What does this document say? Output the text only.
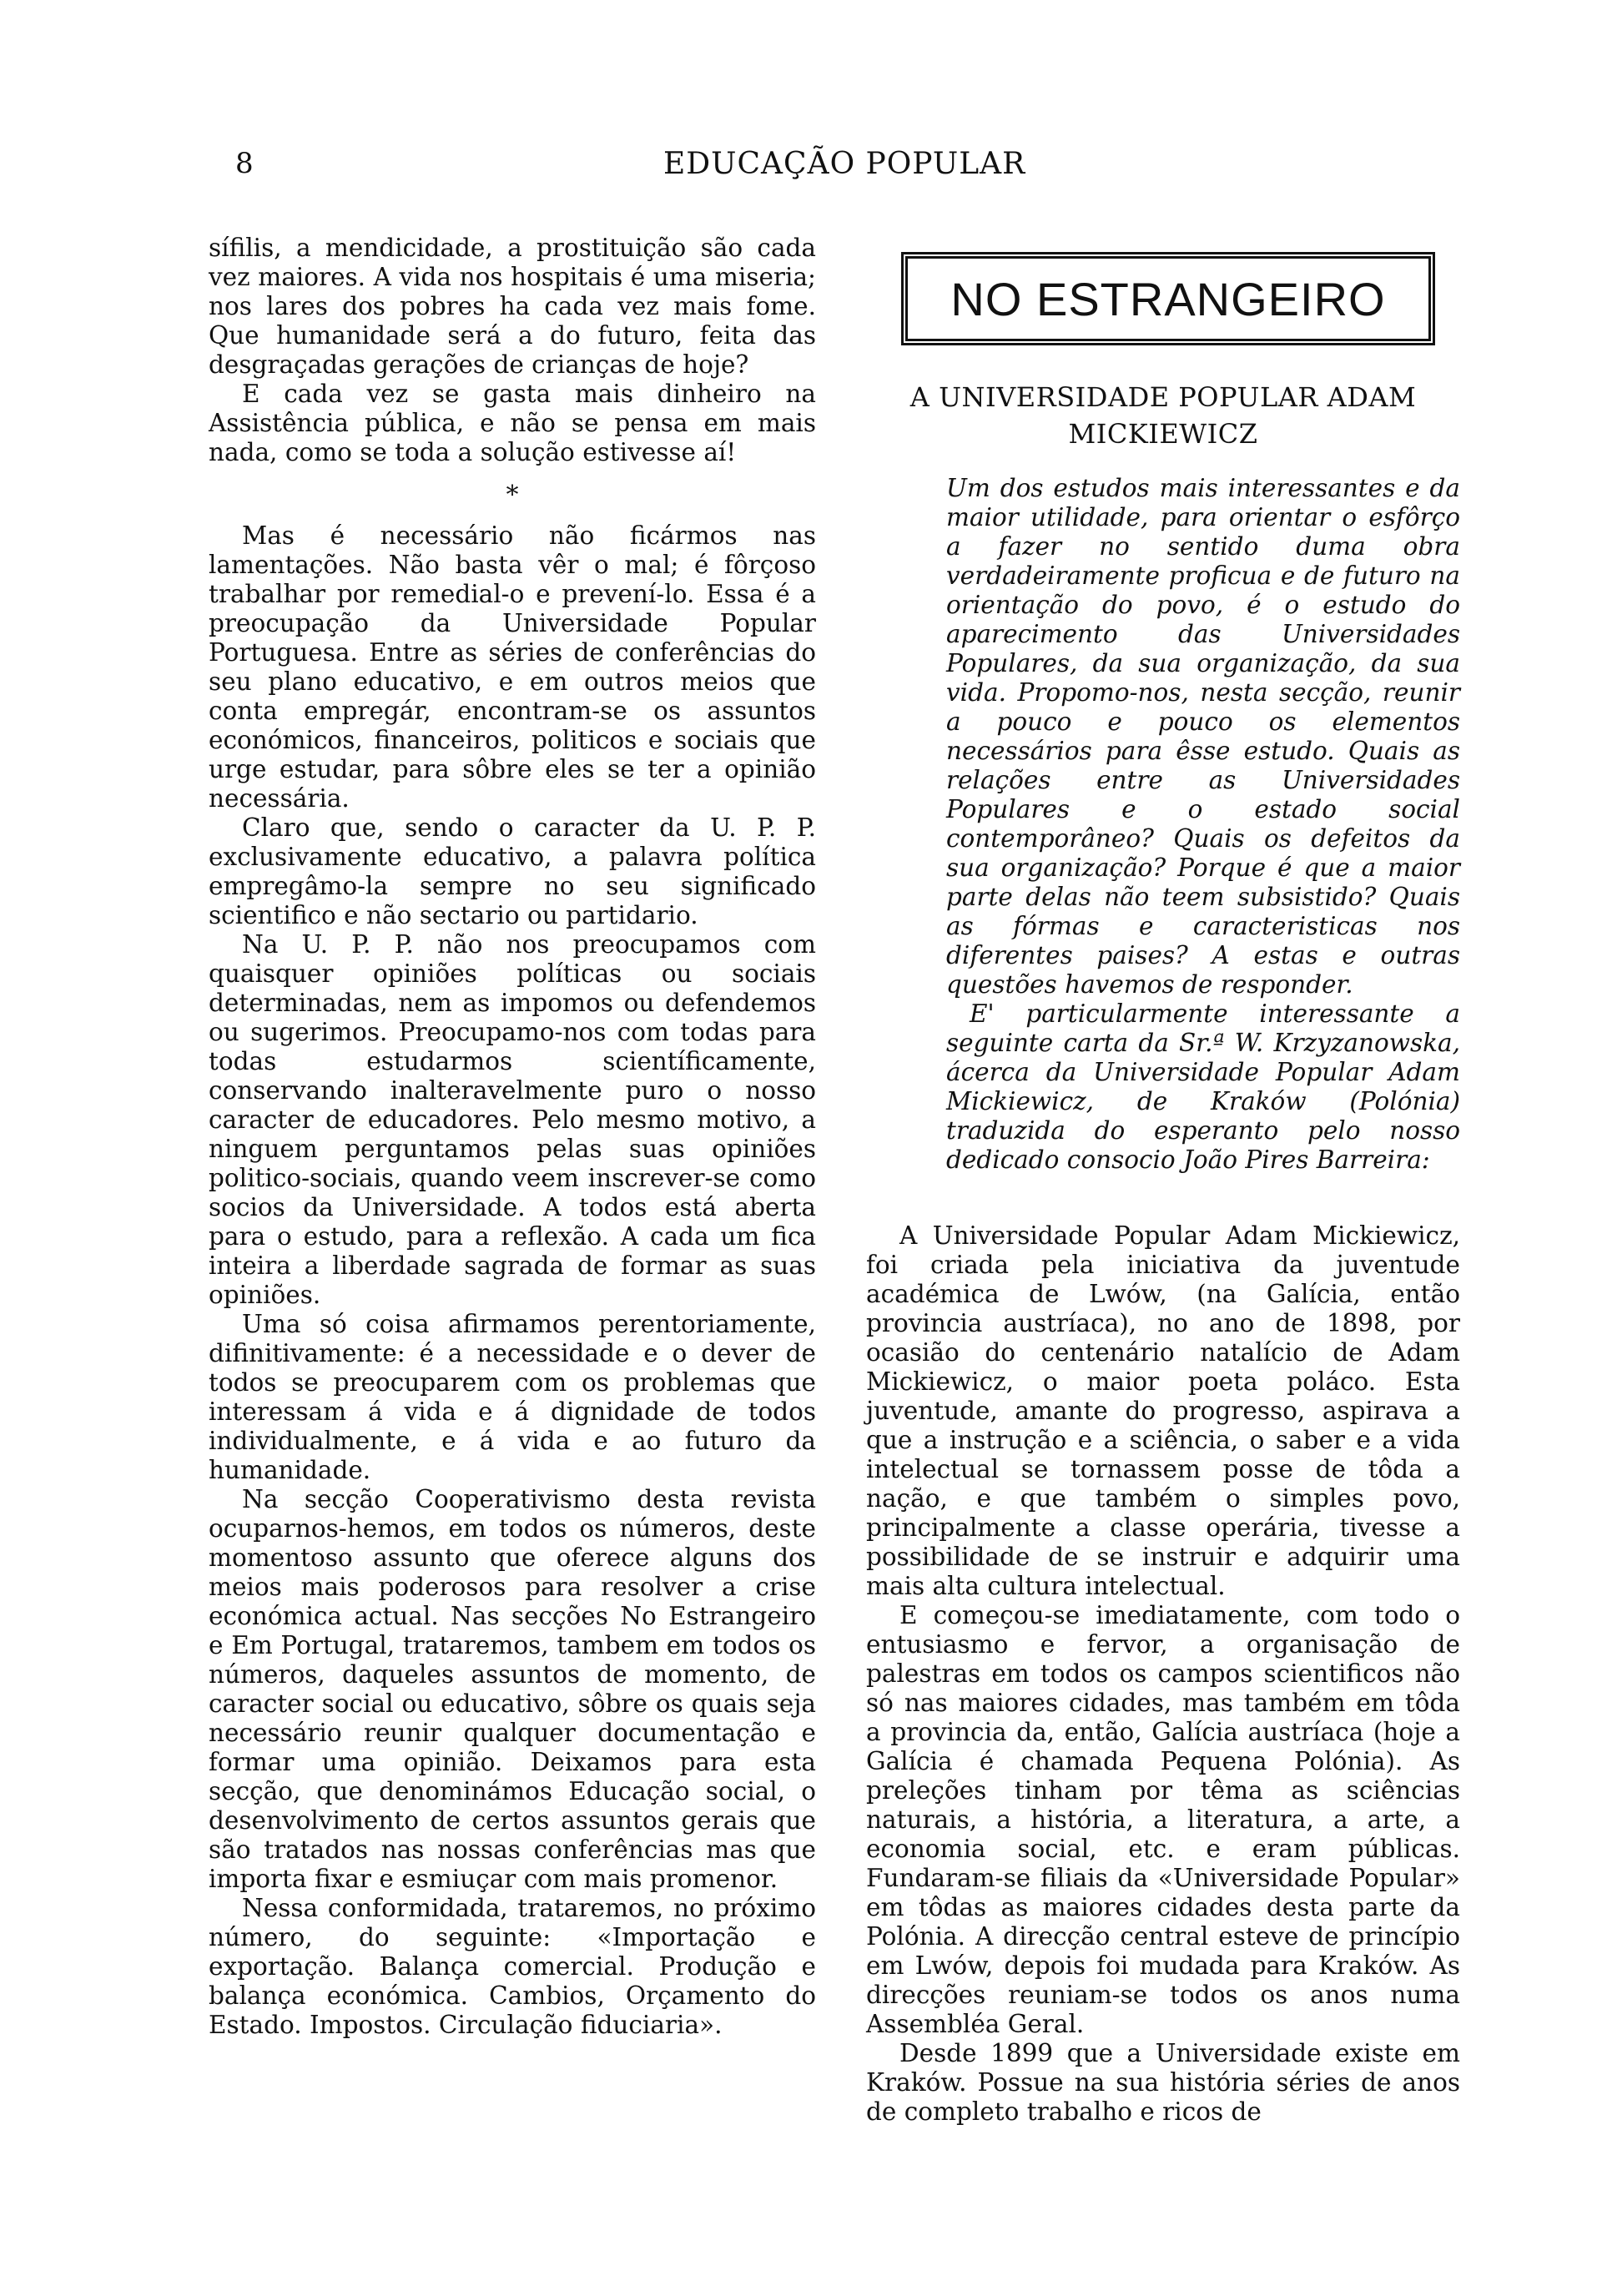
8	EDUCAÇÃO POPULAR

sífilis, a mendicidade, a prostituição são cada vez maiores. A vida nos hospitais é uma miseria; nos lares dos pobres ha cada vez mais fome. Que humanidade será a do futuro, feita das desgraçadas gerações de crianças de hoje?

E cada vez se gasta mais dinheiro na Assistência pública, e não se pensa em mais nada, como se toda a solução estivesse aí!

*

Mas é necessário não ficármos nas lamentações. Não basta vêr o mal; é fôrçoso trabalhar por remedial-o e prevení-lo. Essa é a preocupação da Universidade Popular Portuguesa. Entre as séries de conferências do seu plano educativo, e em outros meios que conta empregár, encontram-se os assuntos económicos, financeiros, politicos e sociais que urge estudar, para sôbre eles se ter a opinião necessária.

Claro que, sendo o caracter da U. P. P. exclusivamente educativo, a palavra política empregâmo-la sempre no seu significado scientifico e não sectario ou partidario.

Na U. P. P. não nos preocupamos com quaisquer opiniões políticas ou sociais determinadas, nem as impomos ou defendemos ou sugerimos. Preocupamo-nos com todas para todas estudarmos scientíficamente, conservando inalteravelmente puro o nosso caracter de educadores. Pelo mesmo motivo, a ninguem perguntamos pelas suas opiniões politico-sociais, quando veem inscrever-se como socios da Universidade. A todos está aberta para o estudo, para a reflexão. A cada um fica inteira a liberdade sagrada de formar as suas opiniões.

Uma só coisa afirmamos perentoriamente, difinitivamente: é a necessidade e o dever de todos se preocuparem com os problemas que interessam á vida e á dignidade de todos individualmente, e á vida e ao futuro da humanidade.

Na secção Cooperativismo desta revista ocuparnos-hemos, em todos os números, deste momentoso assunto que oferece alguns dos meios mais poderosos para resolver a crise económica actual. Nas secções No Estrangeiro e Em Portugal, trataremos, tambem em todos os números, daqueles assuntos de momento, de caracter social ou educativo, sôbre os quais seja necessário reunir qualquer documentação e formar uma opinião. Deixamos para esta secção, que denominámos Educação social, o desenvolvimento de certos assuntos gerais que são tratados nas nossas conferências mas que importa fixar e esmiuçar com mais promenor.

Nessa conformidada, trataremos, no próximo número, do seguinte: «Importação e exportação. Balança comercial. Produção e balança económica. Cambios, Orçamento do Estado. Impostos. Circulação fiduciaria».

NO ESTRANGEIRO
A UNIVERSIDADE POPULAR ADAM MICKIEWICZ

Um dos estudos mais interessantes e da maior utilidade, para orientar o esfôrço a fazer no sentido duma obra verdadeiramente proficua e de futuro na orientação do povo, é o estudo do aparecimento das Universidades Populares, da sua organização, da sua vida. Propomo-nos, nesta secção, reunir a pouco e pouco os elementos necessários para êsse estudo. Quais as relações entre as Universidades Populares e o estado social contemporâneo? Quais os defeitos da sua organização? Porque é que a maior parte delas não teem subsistido? Quais as fórmas e caracteristicas nos diferentes paises? A estas e outras questões havemos de responder.

E' particularmente interessante a seguinte carta da Sr.ª W. Krzyzanowska, ácerca da Universidade Popular Adam Mickiewicz, de Kraków (Polónia) traduzida do esperanto pelo nosso dedicado consocio João Pires Barreira:

A Universidade Popular Adam Mickiewicz, foi criada pela iniciativa da juventude académica de Lwów, (na Galícia, então provincia austríaca), no ano de 1898, por ocasião do centenário natalício de Adam Mickiewicz, o maior poeta poláco. Esta juventude, amante do progresso, aspirava a que a instrução e a sciência, o saber e a vida intelectual se tornassem posse de tôda a nação, e que também o simples povo, principalmente a classe operária, tivesse a possibilidade de se instruir e adquirir uma mais alta cultura intelectual.

E começou-se imediatamente, com todo o entusiasmo e fervor, a organisação de palestras em todos os campos scientificos não só nas maiores cidades, mas também em tôda a provincia da, então, Galícia austríaca (hoje a Galícia é chamada Pequena Polónia). As preleções tinham por têma as sciências naturais, a história, a literatura, a arte, a economia social, etc. e eram públicas. Fundaram-se filiais da «Universidade Popular» em tôdas as maiores cidades desta parte da Polónia. A direcção central esteve de princípio em Lwów, depois foi mudada para Kraków. As direcções reuniam-se todos os anos numa Assembléa Geral.

Desde 1899 que a Universidade existe em Kraków. Possue na sua história séries de anos de completo trabalho e ricos de
